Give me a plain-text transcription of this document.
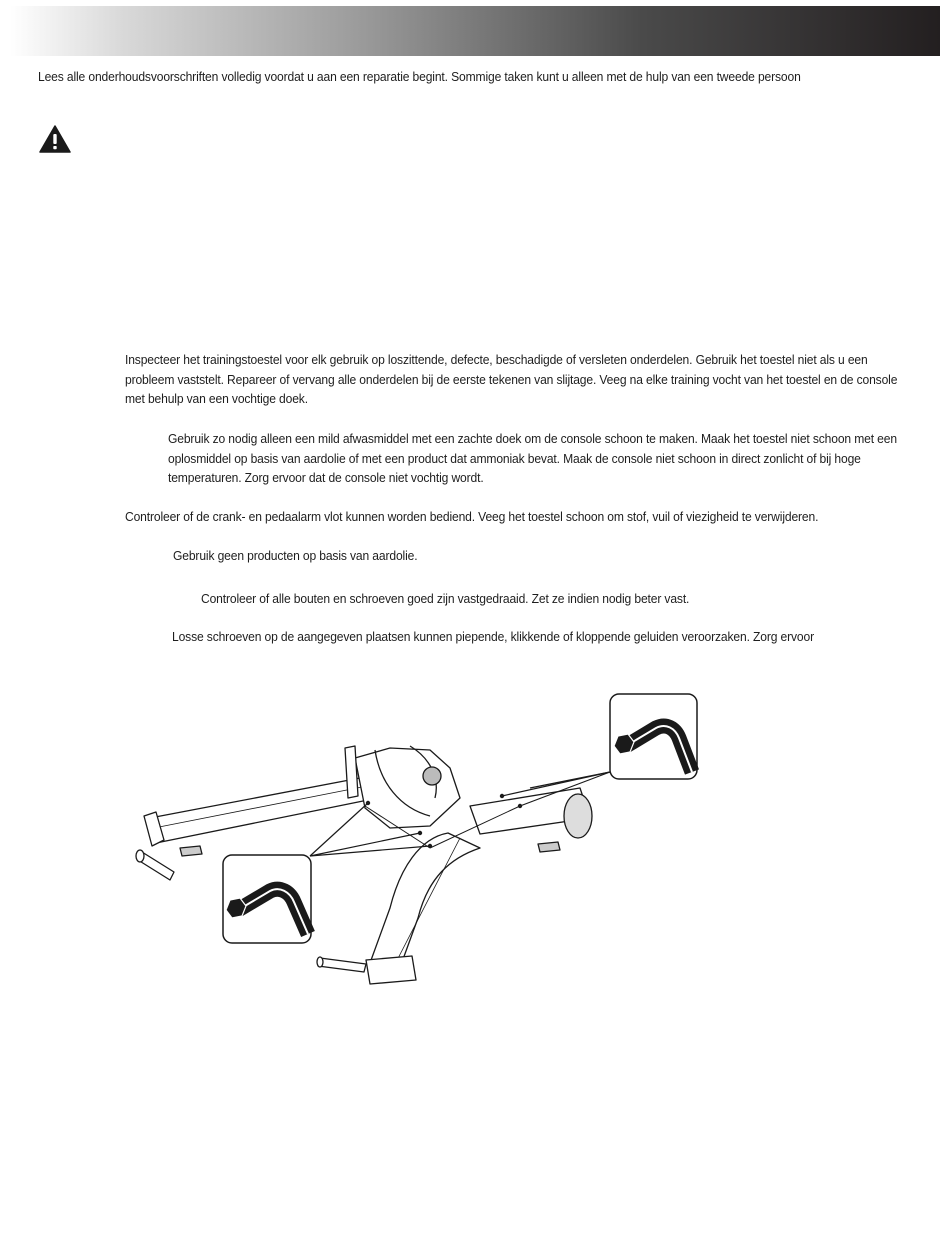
Lees alle onderhoudsvoorschriften volledig voordat u aan een reparatie begint. Sommige taken kunt u alleen met de hulp van een tweede persoon

Inspecteer het trainingstoestel voor elk gebruik op loszittende, defecte, beschadigde of versleten onderdelen. Gebruik het toestel niet als u een probleem vaststelt. Repareer of vervang alle onderdelen bij de eerste tekenen van slijtage. Veeg na elke training vocht van het toestel en de console met behulp van een vochtige doek.

Gebruik zo nodig alleen een mild afwasmiddel met een zachte doek om de console schoon te maken. Maak het toestel niet schoon met een oplosmiddel op basis van aardolie of met een product dat ammoniak bevat. Maak de console niet schoon in direct zonlicht of bij hoge temperaturen. Zorg ervoor dat de console niet vochtig wordt.

Controleer of de crank- en pedaalarm vlot kunnen worden bediend. Veeg het toestel schoon om stof, vuil of viezigheid te verwijderen.

Gebruik geen producten op basis van aardolie.

Controleer of alle bouten en schroeven goed zijn vastgedraaid. Zet ze indien nodig beter vast.

Losse schroeven op de aangegeven plaatsen kunnen piepende, klikkende of kloppende geluiden veroorzaken. Zorg ervoor
